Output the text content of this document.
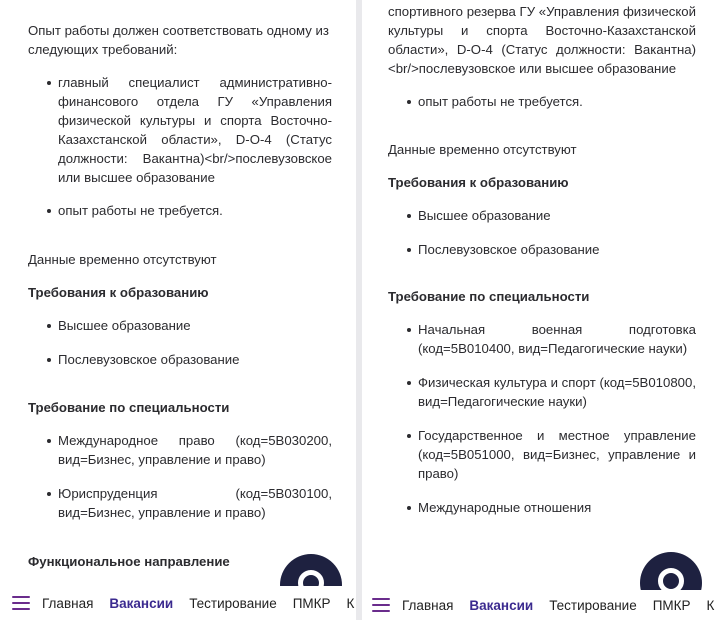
Опыт работы должен соответствовать одному из следующих требований:

главный специалист административно-финансового отдела ГУ «Управления физической культуры и спорта Восточно-Казахстанской области», D-O-4 (Статус должности: Вакантна)<br/>послевузовское или высшее образование
опыт работы не требуется.

Данные временно отсутствуют

Требования к образованию
Высшее образование
Послевузовское образование
Требование по специальности
Международное право (код=5В030200, вид=Бизнес, управление и право)
Юриспруденция (код=5В030100, вид=Бизнес, управление и право)
Функциональное направление
Главная Вакансии Тестирование ПМКР К
спортивного резерва ГУ «Управления физической культуры и спорта Восточно-Казахстанской области», D-O-4 (Статус должности: Вакантна) <br/>послевузовское или высшее образование
опыт работы не требуется.

Данные временно отсутствуют

Требования к образованию
Высшее образование
Послевузовское образование
Требование по специальности
Начальная военная подготовка (код=5В010400, вид=Педагогические науки)
Физическая культура и спорт (код=5В010800, вид=Педагогические науки)
Государственное и местное управление (код=5В051000, вид=Бизнес, управление и право)
Международные отношения
Главная Вакансии Тестирование ПМКР К
